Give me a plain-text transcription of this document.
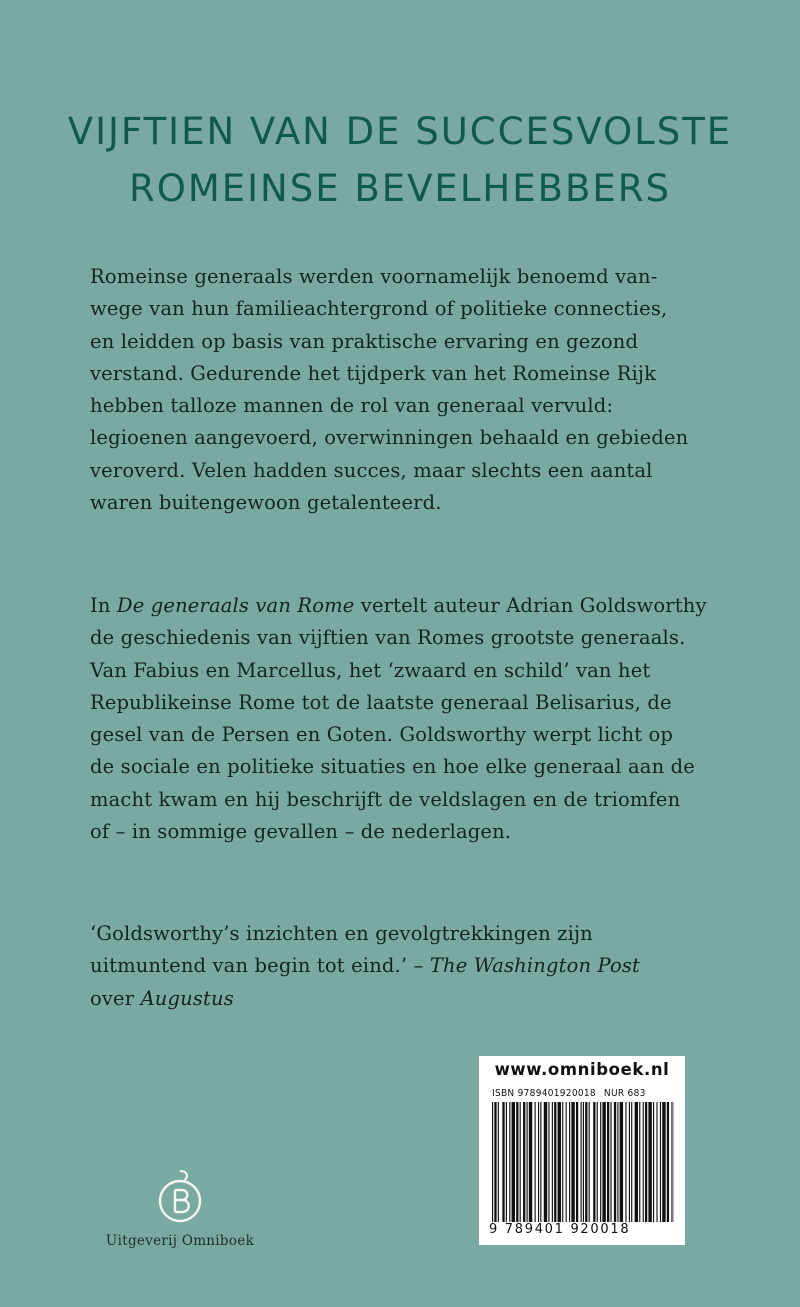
VIJFTIEN VAN DE SUCCESVOLSTE
ROMEINSE BEVELHEBBERS

Romeinse generaals werden voornamelijk benoemd van-
wege van hun familieachtergrond of politieke connecties,
en leidden op basis van praktische ervaring en gezond
verstand. Gedurende het tijdperk van het Romeinse Rijk
hebben talloze mannen de rol van generaal vervuld:
legioenen aangevoerd, overwinningen behaald en gebieden
veroverd. Velen hadden succes, maar slechts een aantal
waren buitengewoon getalenteerd.

In De generaals van Rome vertelt auteur Adrian Goldsworthy
de geschiedenis van vijftien van Romes grootste generaals.
Van Fabius en Marcellus, het ‘zwaard en schild’ van het
Republikeinse Rome tot de laatste generaal Belisarius, de
gesel van de Persen en Goten. Goldsworthy werpt licht op
de sociale en politieke situaties en hoe elke generaal aan de
macht kwam en hij beschrijft de veldslagen en de triomfen
of – in sommige gevallen – de nederlagen.

‘Goldsworthy’s inzichten en gevolgtrekkingen zijn
uitmuntend van begin tot eind.’ – The Washington Post
over Augustus

www.omniboek.nl
ISBN 9789401920018 NUR 683
9 789401 920018
Uitgeverij Omniboek
